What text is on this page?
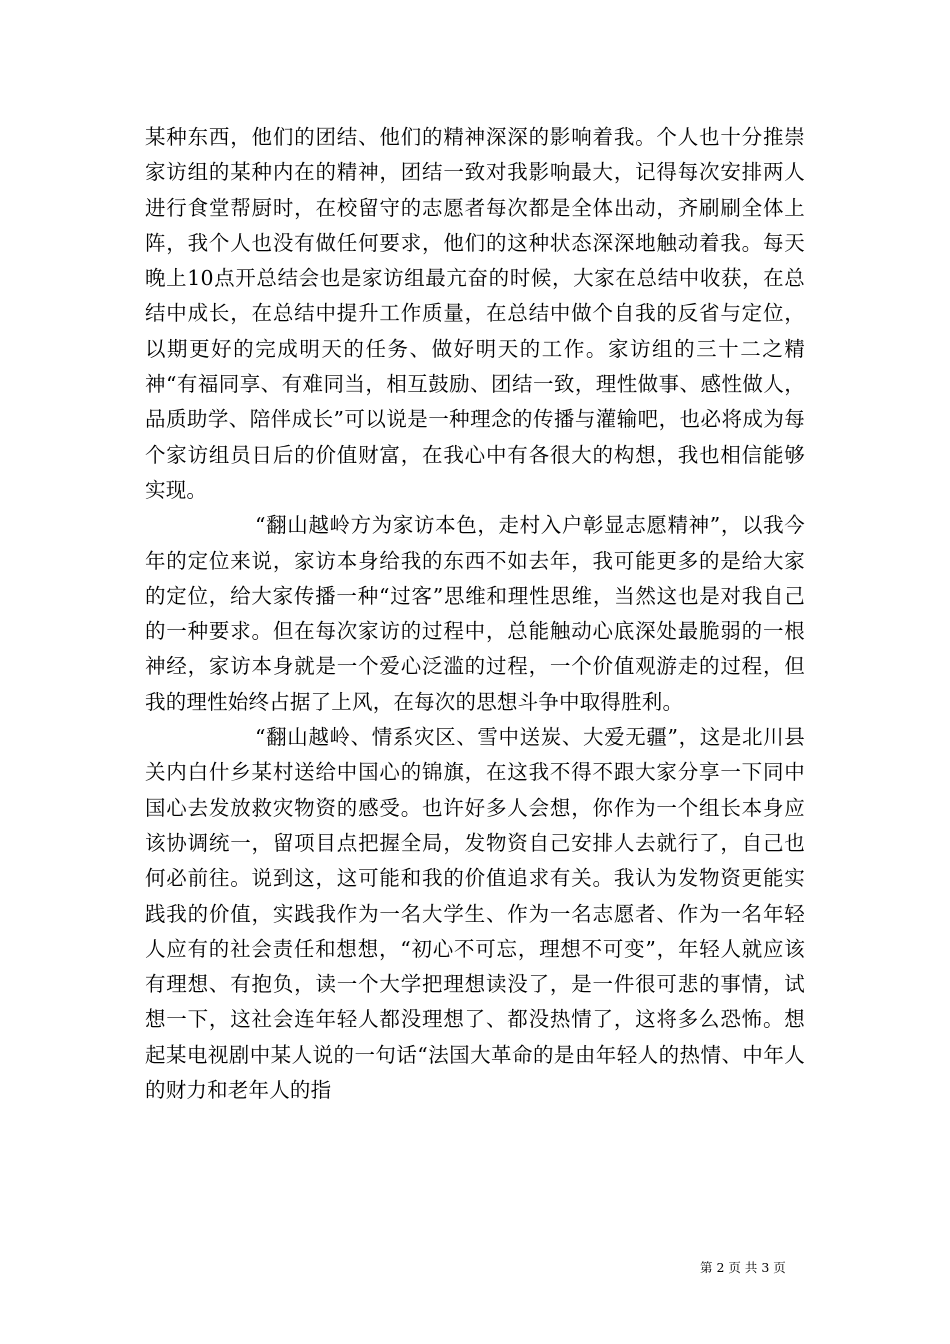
某种东西，他们的团结、他们的精神深深的影响着我。个人也十分推崇家访组的某种内在的精神，团结一致对我影响最大，记得每次安排两人进行食堂帮厨时，在校留守的志愿者每次都是全体出动，齐刷刷全体上阵，我个人也没有做任何要求，他们的这种状态深深地触动着我。每天晚上10点开总结会也是家访组最亢奋的时候，大家在总结中收获，在总结中成长，在总结中提升工作质量，在总结中做个自我的反省与定位，以期更好的完成明天的任务、做好明天的工作。家访组的三十二之精神“有福同享、有难同当，相互鼓励、团结一致，理性做事、感性做人，品质助学、陪伴成长”可以说是一种理念的传播与灌输吧，也必将成为每个家访组员日后的价值财富，在我心中有各很大的构想，我也相信能够实现。

“翻山越岭方为家访本色，走村入户彰显志愿精神”，以我今年的定位来说，家访本身给我的东西不如去年，我可能更多的是给大家的定位，给大家传播一种“过客”思维和理性思维，当然这也是对我自己的一种要求。但在每次家访的过程中，总能触动心底深处最脆弱的一根神经，家访本身就是一个爱心泛滥的过程，一个价值观游走的过程，但我的理性始终占据了上风，在每次的思想斗争中取得胜利。

“翻山越岭、情系灾区、雪中送炭、大爱无疆”，这是北川县关内白什乡某村送给中国心的锦旗，在这我不得不跟大家分享一下同中国心去发放救灾物资的感受。也许好多人会想，你作为一个组长本身应该协调统一，留项目点把握全局，发物资自己安排人去就行了，自己也何必前往。说到这，这可能和我的价值追求有关。我认为发物资更能实践我的价值，实践我作为一名大学生、作为一名志愿者、作为一名年轻人应有的社会责任和想想，“初心不可忘，理想不可变”，年轻人就应该有理想、有抱负，读一个大学把理想读没了，是一件很可悲的事情，试想一下，这社会连年轻人都没理想了、都没热情了，这将多么恐怖。想起某电视剧中某人说的一句话“法国大革命的是由年轻人的热情、中年人的财力和老年人的指

第 2 页 共 3 页
